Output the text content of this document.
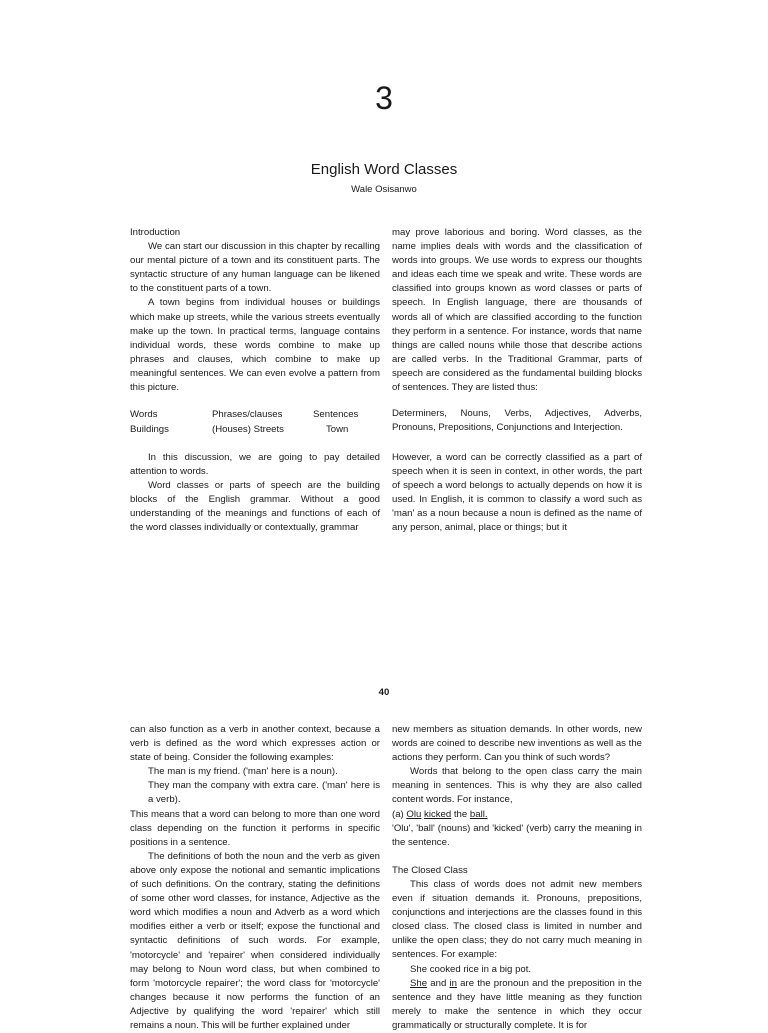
3
English Word Classes
Wale Osisanwo

Introduction

We can start our discussion in this chapter by recalling our mental picture of a town and its constituent parts. The syntactic structure of any human language can be likened to the constituent parts of a town.

A town begins from individual houses or buildings which make up streets, while the various streets eventually make up the town. In practical terms, language contains individual words, these words combine to make up phrases and clauses, which combine to make up meaningful sentences. We can even evolve a pattern from this picture.

may prove laborious and boring. Word classes, as the name implies deals with words and the classification of words into groups. We use words to express our thoughts and ideas each time we speak and write. These words are classified into groups known as word classes or parts of speech. In English language, there are thousands of words all of which are classified according to the function they perform in a sentence. For instance, words that name things are called nouns while those that describe actions are called verbs. In the Traditional Grammar, parts of speech are considered as the fundamental building blocks of sentences. They are listed thus:

Words	Phrases/clauses	Sentences
Buildings	(Houses) Streets	Town

Determiners, Nouns, Verbs, Adjectives, Adverbs, Pronouns, Prepositions, Conjunctions and Interjection.

In this discussion, we are going to pay detailed attention to words.

Word classes or parts of speech are the building blocks of the English grammar. Without a good understanding of the meanings and functions of each of the word classes individually or contextually, grammar

However, a word can be correctly classified as a part of speech when it is seen in context, in other words, the part of speech a word belongs to actually depends on how it is used. In English, it is common to classify a word such as 'man' as a noun because a noun is defined as the name of any person, animal, place or things; but it

40

can also function as a verb in another context, because a verb is defined as the word which expresses action or state of being. Consider the following examples:

The man is my friend. ('man' here is a noun).

They man the company with extra care. ('man' here is a verb).

This means that a word can belong to more than one word class depending on the function it performs in specific positions in a sentence.

The definitions of both the noun and the verb as given above only expose the notional and semantic implications of such definitions. On the contrary, stating the definitions of some other word classes, for instance, Adjective as the word which modifies a noun and Adverb as a word which modifies either a verb or itself; expose the functional and syntactic definitions of such words. For example, 'motorcycle' and 'repairer' when considered individually may belong to Noun word class, but when combined to form 'motorcycle repairer'; the word class for 'motorcycle' changes because it now performs the function of an Adjective by qualifying the word 'repairer' which still remains a noun. This will be further explained under

new members as situation demands. In other words, new words are coined to describe new inventions as well as the actions they perform. Can you think of such words?

Words that belong to the open class carry the main meaning in sentences. This is why they are also called content words. For instance,

(a) Olu kicked the ball.

'Olu', 'ball' (nouns) and 'kicked' (verb) carry the meaning in the sentence.

The Closed Class

This class of words does not admit new members even if situation demands it. Pronouns, prepositions, conjunctions and interjections are the classes found in this closed class. The closed class is limited in number and unlike the open class; they do not carry much meaning in sentences. For example:

She cooked rice in a big pot.

She and in are the pronoun and the preposition in the sentence and they have little meaning as they function merely to make the sentence in which they occur grammatically or structurally complete. It is for
